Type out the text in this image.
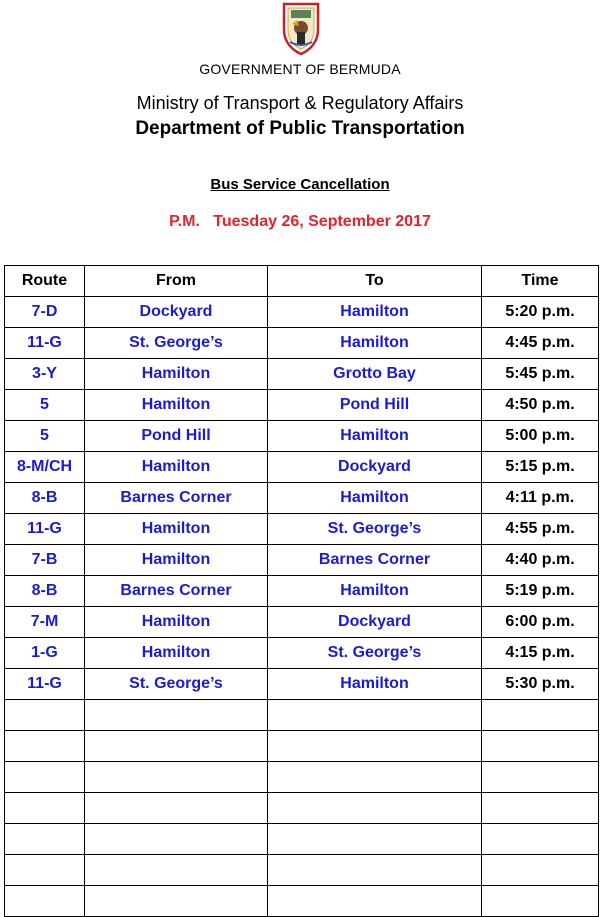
GOVERNMENT OF BERMUDA
Ministry of Transport & Regulatory Affairs
Department of Public Transportation
Bus Service Cancellation
P.M.   Tuesday 26, September 2017
Route	From	To	Time
7-D	Dockyard	Hamilton	5:20 p.m.
11-G	St. George’s	Hamilton	4:45 p.m.
3-Y	Hamilton	Grotto Bay	5:45 p.m.
5	Hamilton	Pond Hill	4:50 p.m.
5	Pond Hill	Hamilton	5:00 p.m.
8-M/CH	Hamilton	Dockyard	5:15 p.m.
8-B	Barnes Corner	Hamilton	4:11 p.m.
11-G	Hamilton	St. George’s	4:55 p.m.
7-B	Hamilton	Barnes Corner	4:40 p.m.
8-B	Barnes Corner	Hamilton	5:19 p.m.
7-M	Hamilton	Dockyard	6:00 p.m.
1-G	Hamilton	St. George’s	4:15 p.m.
11-G	St. George’s	Hamilton	5:30 p.m.
